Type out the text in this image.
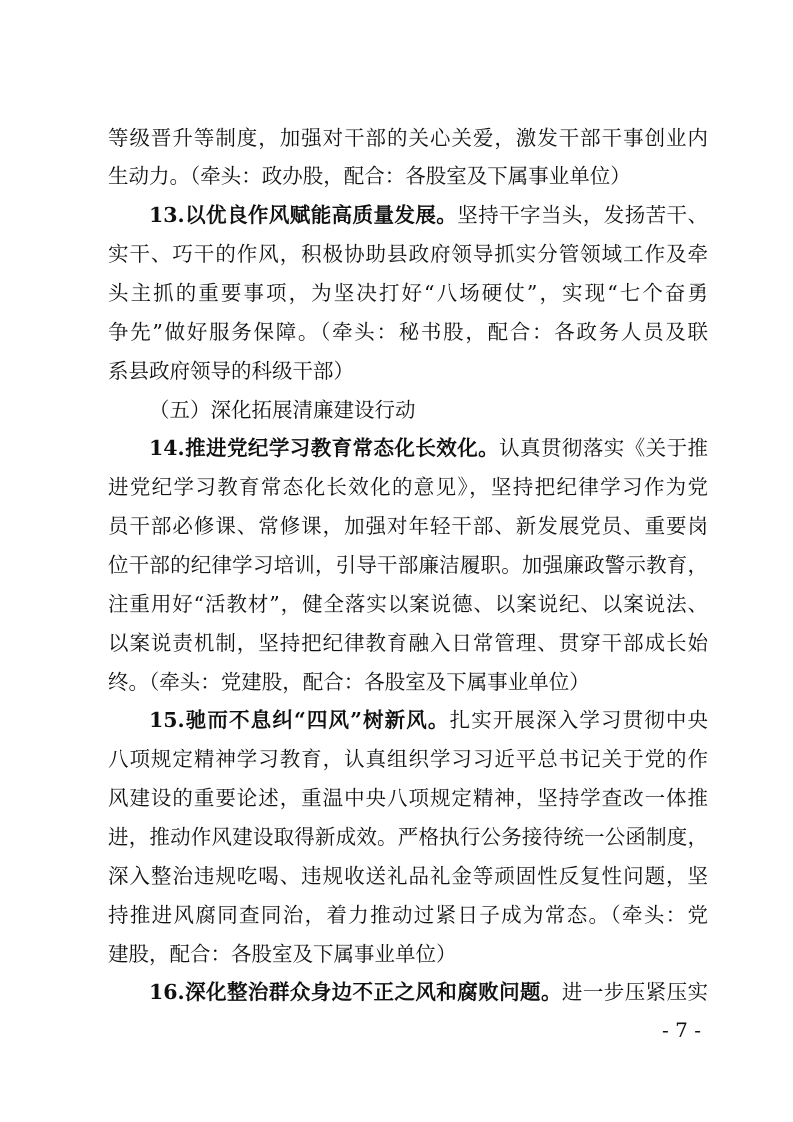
等级晋升等制度，加强对干部的关心关爱，激发干部干事创业内
生动力。（牵头：政办股，配合：各股室及下属事业单位）
13.以优良作风赋能高质量发展。坚持干字当头，发扬苦干、
实干、巧干的作风，积极协助县政府领导抓实分管领域工作及牵
头主抓的重要事项，为坚决打好“八场硬仗”，实现“七个奋勇
争先”做好服务保障。（牵头：秘书股，配合：各政务人员及联
系县政府领导的科级干部）
（五）深化拓展清廉建设行动
14.推进党纪学习教育常态化长效化。认真贯彻落实《关于推
进党纪学习教育常态化长效化的意见》，坚持把纪律学习作为党
员干部必修课、常修课，加强对年轻干部、新发展党员、重要岗
位干部的纪律学习培训，引导干部廉洁履职。加强廉政警示教育，
注重用好“活教材”，健全落实以案说德、以案说纪、以案说法、
以案说责机制，坚持把纪律教育融入日常管理、贯穿干部成长始
终。（牵头：党建股，配合：各股室及下属事业单位）
15.驰而不息纠“四风”树新风。扎实开展深入学习贯彻中央
八项规定精神学习教育，认真组织学习习近平总书记关于党的作
风建设的重要论述，重温中央八项规定精神，坚持学查改一体推
进，推动作风建设取得新成效。严格执行公务接待统一公函制度，
深入整治违规吃喝、违规收送礼品礼金等顽固性反复性问题，坚
持推进风腐同查同治，着力推动过紧日子成为常态。（牵头：党
建股，配合：各股室及下属事业单位）
16.深化整治群众身边不正之风和腐败问题。进一步压紧压实
- 7 -
